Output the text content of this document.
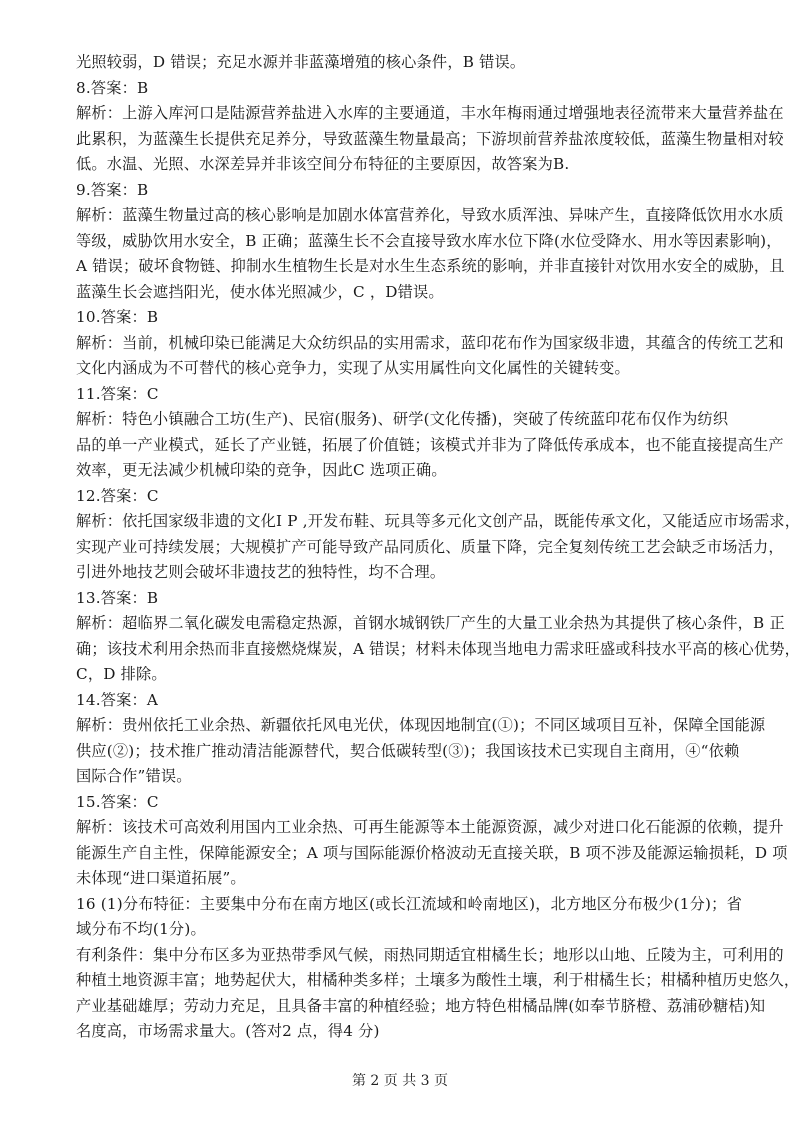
光照较弱，D 错误；充足水源并非蓝藻增殖的核心条件，B 错误。
8.答案：B
解析：上游入库河口是陆源营养盐进入水库的主要通道，丰水年梅雨通过增强地表径流带来大量营养盐在
此累积，为蓝藻生长提供充足养分，导致蓝藻生物量最高；下游坝前营养盐浓度较低，蓝藻生物量相对较
低。水温、光照、水深差异并非该空间分布特征的主要原因，故答案为B.
9.答案：B
解析：蓝藻生物量过高的核心影响是加剧水体富营养化，导致水质浑浊、异味产生，直接降低饮用水水质
等级，威胁饮用水安全，B 正确；蓝藻生长不会直接导致水库水位下降(水位受降水、用水等因素影响)，
A 错误；破坏食物链、抑制水生植物生长是对水生生态系统的影响，并非直接针对饮用水安全的威胁，且
蓝藻生长会遮挡阳光，使水体光照减少，C ，D错误。
10.答案：B
解析：当前，机械印染已能满足大众纺织品的实用需求，蓝印花布作为国家级非遗，其蕴含的传统工艺和
文化内涵成为不可替代的核心竞争力，实现了从实用属性向文化属性的关键转变。
11.答案：C
解析：特色小镇融合工坊(生产)、民宿(服务)、研学(文化传播)，突破了传统蓝印花布仅作为纺织
品的单一产业模式，延长了产业链，拓展了价值链；该模式并非为了降低传承成本，也不能直接提高生产
效率，更无法减少机械印染的竞争，因此C 选项正确。
12.答案：C
解析：依托国家级非遗的文化I P ,开发布鞋、玩具等多元化文创产品，既能传承文化，又能适应市场需求，
实现产业可持续发展；大规模扩产可能导致产品同质化、质量下降，完全复刻传统工艺会缺乏市场活力，
引进外地技艺则会破坏非遗技艺的独特性，均不合理。
13.答案：B
解析：超临界二氧化碳发电需稳定热源，首钢水城钢铁厂产生的大量工业余热为其提供了核心条件，B 正
确；该技术利用余热而非直接燃烧煤炭，A 错误；材料未体现当地电力需求旺盛或科技水平高的核心优势，
C，D 排除。
14.答案：A
解析：贵州依托工业余热、新疆依托风电光伏，体现因地制宜(①)；不同区域项目互补，保障全国能源
供应(②)；技术推广推动清洁能源替代，契合低碳转型(③)；我国该技术已实现自主商用，④“依赖
国际合作”错误。
15.答案：C
解析：该技术可高效利用国内工业余热、可再生能源等本土能源资源，减少对进口化石能源的依赖，提升
能源生产自主性，保障能源安全；A 项与国际能源价格波动无直接关联，B 项不涉及能源运输损耗，D 项
未体现“进口渠道拓展”。
16 (1)分布特征：主要集中分布在南方地区(或长江流域和岭南地区)，北方地区分布极少(1分)；省
域分布不均(1分)。
有利条件：集中分布区多为亚热带季风气候，雨热同期适宜柑橘生长；地形以山地、丘陵为主，可利用的
种植土地资源丰富；地势起伏大，柑橘种类多样；土壤多为酸性土壤，利于柑橘生长；柑橘种植历史悠久，
产业基础雄厚；劳动力充足，且具备丰富的种植经验；地方特色柑橘品牌(如奉节脐橙、荔浦砂糖桔)知
名度高，市场需求量大。(答对2 点，得4 分)
第 2 页 共 3 页
